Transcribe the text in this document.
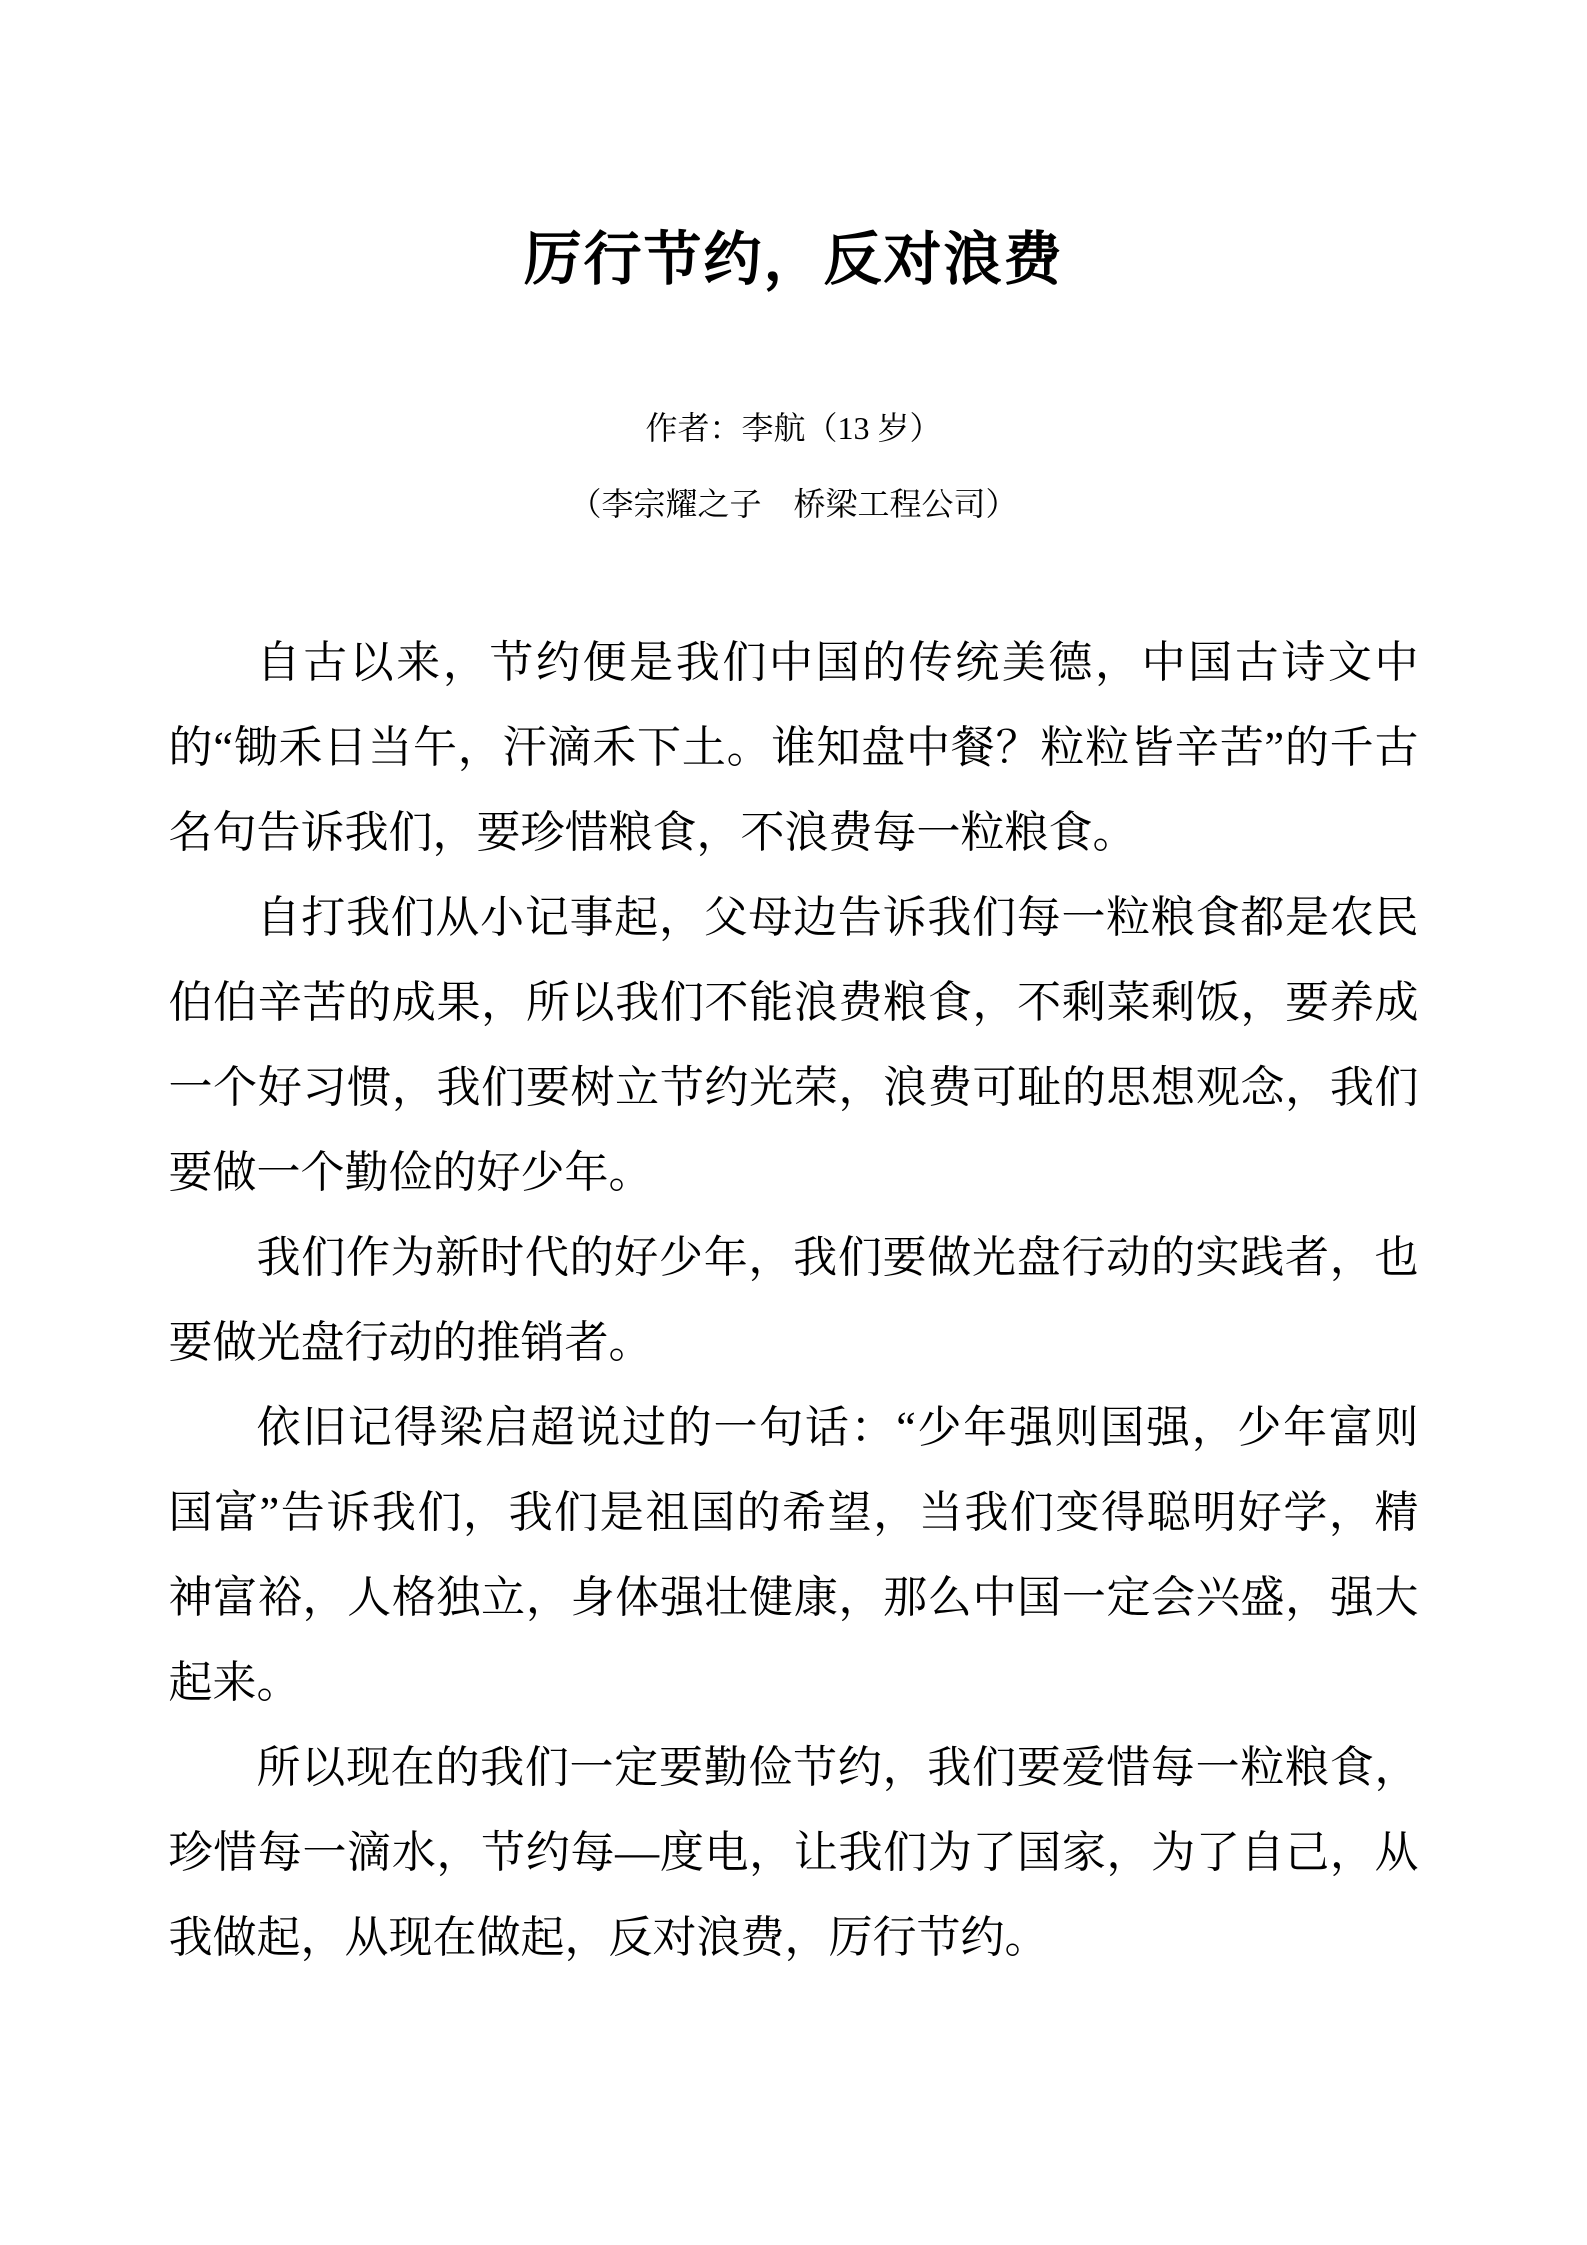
厉行节约，反对浪费

作者：李航（13 岁）

（李宗耀之子　桥梁工程公司）

自古以来，节约便是我们中国的传统美德，中国古诗文中的“锄禾日当午，汗滴禾下土。谁知盘中餐？粒粒皆辛苦”的千古名句告诉我们，要珍惜粮食，不浪费每一粒粮食。

自打我们从小记事起，父母边告诉我们每一粒粮食都是农民伯伯辛苦的成果，所以我们不能浪费粮食，不剩菜剩饭，要养成一个好习惯，我们要树立节约光荣，浪费可耻的思想观念，我们要做一个勤俭的好少年。

我们作为新时代的好少年，我们要做光盘行动的实践者，也要做光盘行动的推销者。

依旧记得梁启超说过的一句话：“少年强则国强，少年富则国富”告诉我们，我们是祖国的希望，当我们变得聪明好学，精神富裕，人格独立，身体强壮健康，那么中国一定会兴盛，强大起来。

所以现在的我们一定要勤俭节约，我们要爱惜每一粒粮食，珍惜每一滴水，节约每—度电，让我们为了国家，为了自己，从我做起，从现在做起，反对浪费，厉行节约。
